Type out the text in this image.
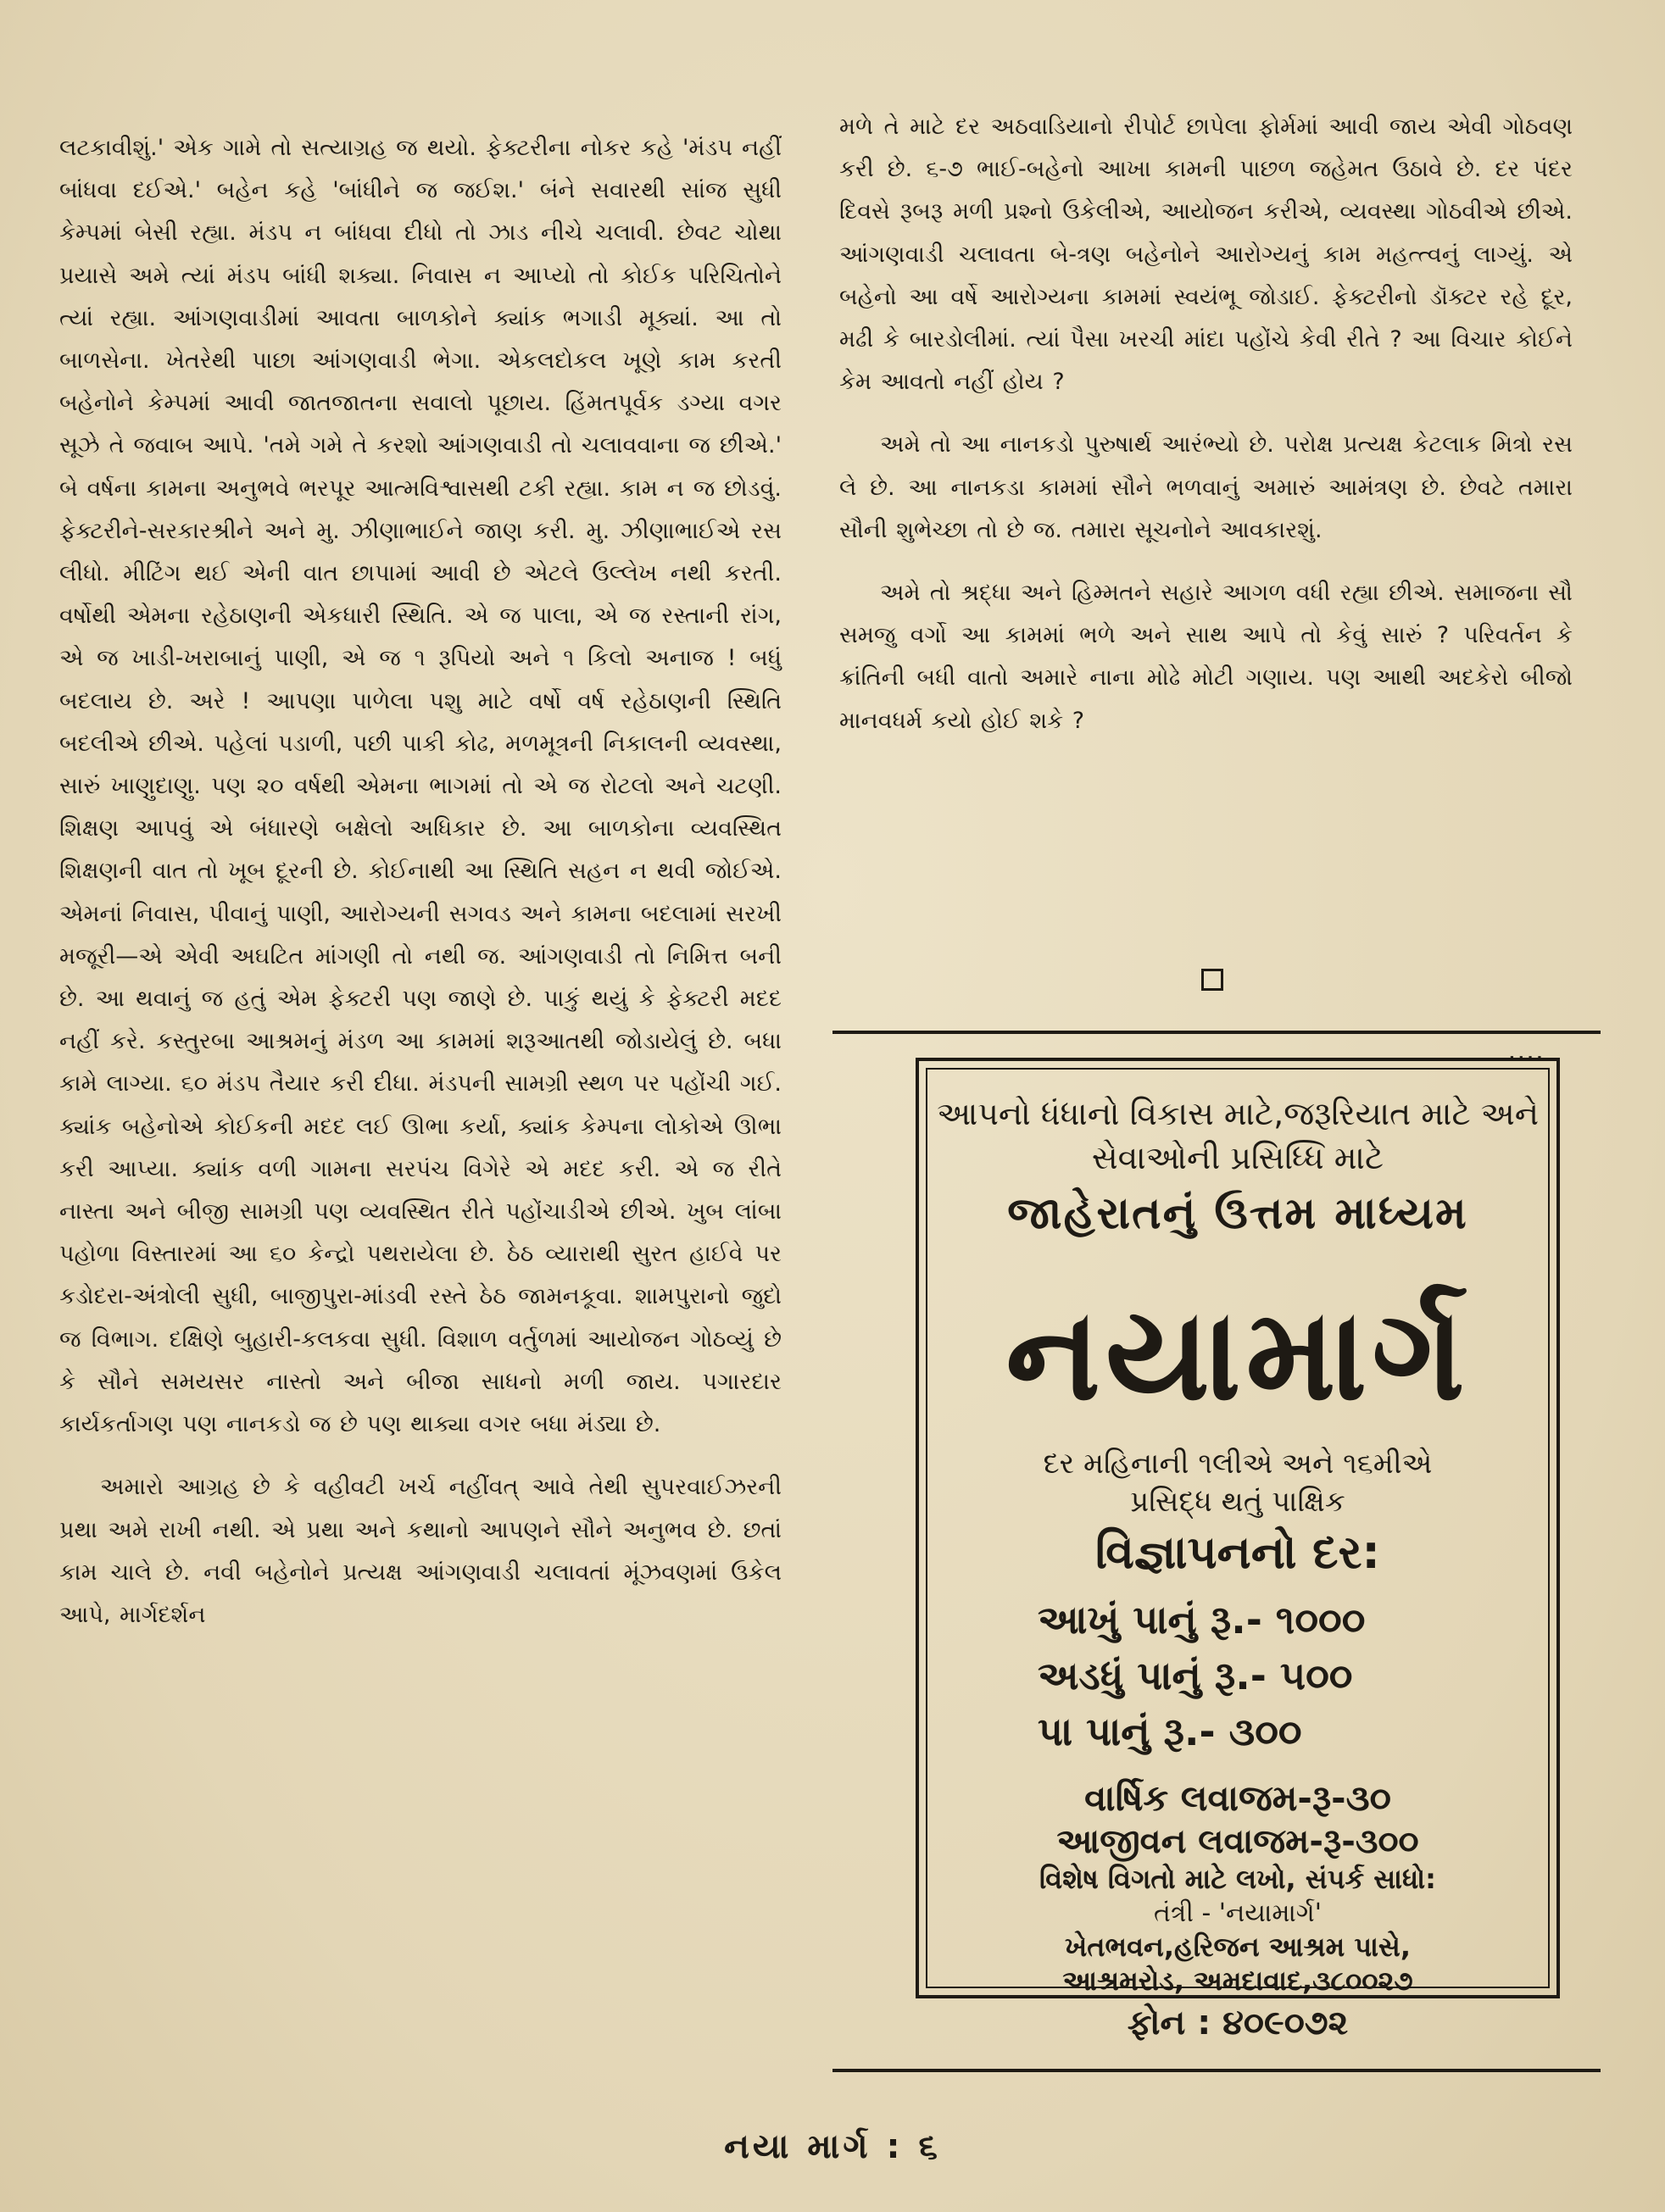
લટકાવીશું.' એક ગામે તો સત્યાગ્રહ જ થયો. ફેક્ટરીના નોકર કહે 'મંડપ નહીં બાંધવા દઈએ.' બહેન કહે 'બાંધીને જ જઈશ.' બંને સવારથી સાંજ સુધી કેમ્પમાં બેસી રહ્યા. મંડપ ન બાંધવા દીધો તો ઝાડ નીચે ચલાવી. છેવટ ચોથા પ્રયાસે અમે ત્યાં મંડપ બાંધી શક્યા. નિવાસ ન આપ્યો તો કોઈક પરિચિતોને ત્યાં રહ્યા. આંગણવાડીમાં આવતા બાળકોને ક્યાંક ભગાડી મૂક્યાં. આ તો બાળસેના. ખેતરેથી પાછા આંગણવાડી ભેગા. એકલદોકલ ખૂણે કામ કરતી બહેનોને કેમ્પમાં આવી જાતજાતના સવાલો પૂછાય. હિંમતપૂર્વક ડગ્યા વગર સૂઝે તે જવાબ આપે. 'તમે ગમે તે કરશો આંગણવાડી તો ચલાવવાના જ છીએ.' બે વર્ષના કામના અનુભવે ભરપૂર આત્મવિશ્વાસથી ટકી રહ્યા. કામ ન જ છોડવું. ફેક્ટરીને-સરકારશ્રીને અને મુ. ઝીણાભાઈને જાણ કરી. મુ. ઝીણાભાઈએ રસ લીધો. મીટિંગ થઈ એની વાત છાપામાં આવી છે એટલે ઉલ્લેખ નથી કરતી. વર્ષોથી એમના રહેઠાણની એકધારી સ્થિતિ. એ જ પાલા, એ જ રસ્તાની રાંગ, એ જ ખાડી-ખરાબાનું પાણી, એ જ ૧ રૂપિયો અને ૧ કિલો અનાજ ! બધું બદલાય છે. અરે ! આપણા પાળેલા પશુ માટે વર્ષો વર્ષ રહેઠાણની સ્થિતિ બદલીએ છીએ. પહેલાં પડાળી, પછી પાકી કોઢ, મળમૂત્રની નિકાલની વ્યવસ્થા, સારું ખાણુદાણુ. પણ ૨૦ વર્ષથી એમના ભાગમાં તો એ જ રોટલો અને ચટણી. શિક્ષણ આપવું એ બંધારણે બક્ષેલો અધિકાર છે. આ બાળકોના વ્યવસ્થિત શિક્ષણની વાત તો ખૂબ દૂરની છે. કોઈનાથી આ સ્થિતિ સહન ન થવી જોઈએ. એમનાં નિવાસ, પીવાનું પાણી, આરોગ્યની સગવડ અને કામના બદલામાં સરખી મજૂરી—એ એવી અઘટિત માંગણી તો નથી જ. આંગણવાડી તો નિમિત્ત બની છે. આ થવાનું જ હતું એમ ફેક્ટરી પણ જાણે છે. પાકું થયું કે ફેક્ટરી મદદ નહીં કરે. કસ્તુરબા આશ્રમનું મંડળ આ કામમાં શરૂઆતથી જોડાયેલું છે. બધા કામે લાગ્યા. ૬૦ મંડપ તૈયાર કરી દીધા. મંડપની સામગ્રી સ્થળ પર પહોંચી ગઈ. ક્યાંક બહેનોએ કોઈકની મદદ લઈ ઊભા કર્યા, ક્યાંક કેમ્પના લોકોએ ઊભા કરી આપ્યા. ક્યાંક વળી ગામના સરપંચ વિગેરે એ મદદ કરી. એ જ રીતે નાસ્તા અને બીજી સામગ્રી પણ વ્યવસ્થિત રીતે પહોંચાડીએ છીએ. ખુબ લાંબા પહોળા વિસ્તારમાં આ ૬૦ કેન્દ્રો પથરાયેલા છે. ઠેઠ વ્યારાથી સુરત હાઈવે પર કડોદરા-અંત્રોલી સુધી, બાજીપુરા-માંડવી રસ્તે ઠેઠ જામનકૂવા. શામપુરાનો જુદો જ વિભાગ. દક્ષિણે બુહારી-કલકવા સુધી. વિશાળ વર્તુળમાં આયોજન ગોઠવ્યું છે કે સૌને સમયસર નાસ્તો અને બીજા સાધનો મળી જાય. પગારદાર કાર્યકર્તાગણ પણ નાનકડો જ છે પણ થાક્યા વગર બધા મંડ્યા છે.

અમારો આગ્રહ છે કે વહીવટી ખર્ચ નહીંવત્ આવે તેથી સુપરવાઈઝરની પ્રથા અમે રાખી નથી. એ પ્રથા અને કથાનો આપણને સૌને અનુભવ છે. છતાં કામ ચાલે છે. નવી બહેનોને પ્રત્યક્ષ આંગણવાડી ચલાવતાં મૂંઝવણમાં ઉકેલ આપે, માર્ગદર્શન

મળે તે માટે દર અઠવાડિયાનો રીપોર્ટ છાપેલા ફોર્મમાં આવી જાય એવી ગોઠવણ કરી છે. ૬-૭ ભાઈ-બહેનો આખા કામની પાછળ જહેમત ઉઠાવે છે. દર પંદર દિવસે રૂબરૂ મળી પ્રશ્નો ઉકેલીએ, આયોજન કરીએ, વ્યવસ્થા ગોઠવીએ છીએ. આંગણવાડી ચલાવતા બે-ત્રણ બહેનોને આરોગ્યનું કામ મહત્ત્વનું લાગ્યું. એ બહેનો આ વર્ષે આરોગ્યના કામમાં સ્વયંભૂ જોડાઈ. ફેક્ટરીનો ડૉક્ટર રહે દૂર, મઢી કે બારડોલીમાં. ત્યાં પૈસા ખરચી માંદા પહોંચે કેવી રીતે ? આ વિચાર કોઈને કેમ આવતો નહીં હોય ?

અમે તો આ નાનકડો પુરુષાર્થ આરંભ્યો છે. પરોક્ષ પ્રત્યક્ષ કેટલાક મિત્રો રસ લે છે. આ નાનકડા કામમાં સૌને ભળવાનું અમારું આમંત્રણ છે. છેવટે તમારા સૌની શુભેચ્છા તો છે જ. તમારા સૂચનોને આવકારશું.

અમે તો શ્રદ્ધા અને હિમ્મતને સહારે આગળ વધી રહ્યા છીએ. સમાજના સૌ સમજુ વર્ગો આ કામમાં ભળે અને સાથ આપે તો કેવું સારું ? પરિવર્તન કે ક્રાંતિની બધી વાતો અમારે નાના મોઢે મોટી ગણાય. પણ આથી અદકેરો બીજો માનવધર્મ કયો હોઈ શકે ?

····
આપનો ધંધાનો વિકાસ માટે,જરૂરિયાત માટે અને
સેવાઓની પ્રસિધ્ધિ માટે
જાહેરાતનું ઉત્તમ માધ્યમ
નયામાર્ગ
દર મહિનાની ૧લીએ અને ૧૬મીએ
પ્રસિદ્ધ થતું પાક્ષિક
વિજ્ઞાપનનો દર:
આખું પાનું રૂ.- ૧૦૦૦
અડધું પાનું રૂ.- ૫૦૦
પા પાનું રૂ.- ૩૦૦
વાર્ષિક લવાજમ-રૂ-૩૦
આજીવન લવાજમ-રૂ-૩૦૦
વિશેષ વિગતો માટે લખો, સંપર્ક સાધો:
તંત્રી - 'નયામાર્ગ'
ખેતભવન,હરિજન આશ્રમ પાસે,
આશ્રમરોડ, અમદાવાદ,૩૮૦૦૨૭
ફોન : ૪૦૯૦૭૨
નયા માર્ગ : ૬
